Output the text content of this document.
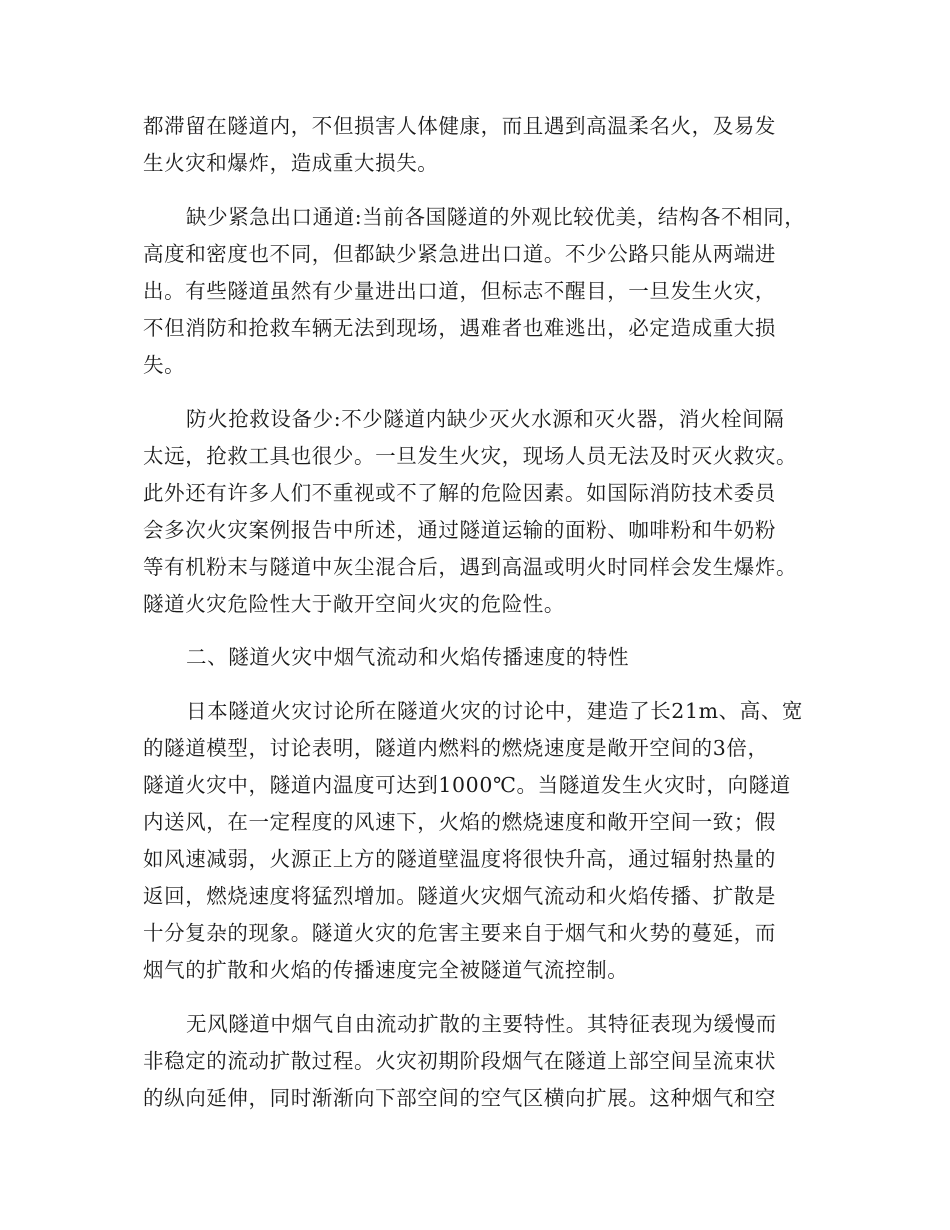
都滞留在隧道内，不但损害人体健康，而且遇到高温柔名火，及易发
生火灾和爆炸，造成重大损失。
缺少紧急出口通道:当前各国隧道的外观比较优美，结构各不相同，
高度和密度也不同，但都缺少紧急进出口道。不少公路只能从两端进
出。有些隧道虽然有少量进出口道，但标志不醒目，一旦发生火灾，
不但消防和抢救车辆无法到现场，遇难者也难逃出，必定造成重大损
失。
防火抢救设备少:不少隧道内缺少灭火水源和灭火器，消火栓间隔
太远，抢救工具也很少。一旦发生火灾，现场人员无法及时灭火救灾。
此外还有许多人们不重视或不了解的危险因素。如国际消防技术委员
会多次火灾案例报告中所述，通过隧道运输的面粉、咖啡粉和牛奶粉
等有机粉末与隧道中灰尘混合后，遇到高温或明火时同样会发生爆炸。
隧道火灾危险性大于敞开空间火灾的危险性。
二、隧道火灾中烟气流动和火焰传播速度的特性
日本隧道火灾讨论所在隧道火灾的讨论中，建造了长21m、高、宽
的隧道模型，讨论表明，隧道内燃料的燃烧速度是敞开空间的3倍，
隧道火灾中，隧道内温度可达到1000℃。当隧道发生火灾时，向隧道
内送风，在一定程度的风速下，火焰的燃烧速度和敞开空间一致；假
如风速减弱，火源正上方的隧道壁温度将很快升高，通过辐射热量的
返回，燃烧速度将猛烈增加。隧道火灾烟气流动和火焰传播、扩散是
十分复杂的现象。隧道火灾的危害主要来自于烟气和火势的蔓延，而
烟气的扩散和火焰的传播速度完全被隧道气流控制。
无风隧道中烟气自由流动扩散的主要特性。其特征表现为缓慢而
非稳定的流动扩散过程。火灾初期阶段烟气在隧道上部空间呈流束状
的纵向延伸，同时渐渐向下部空间的空气区横向扩展。这种烟气和空
